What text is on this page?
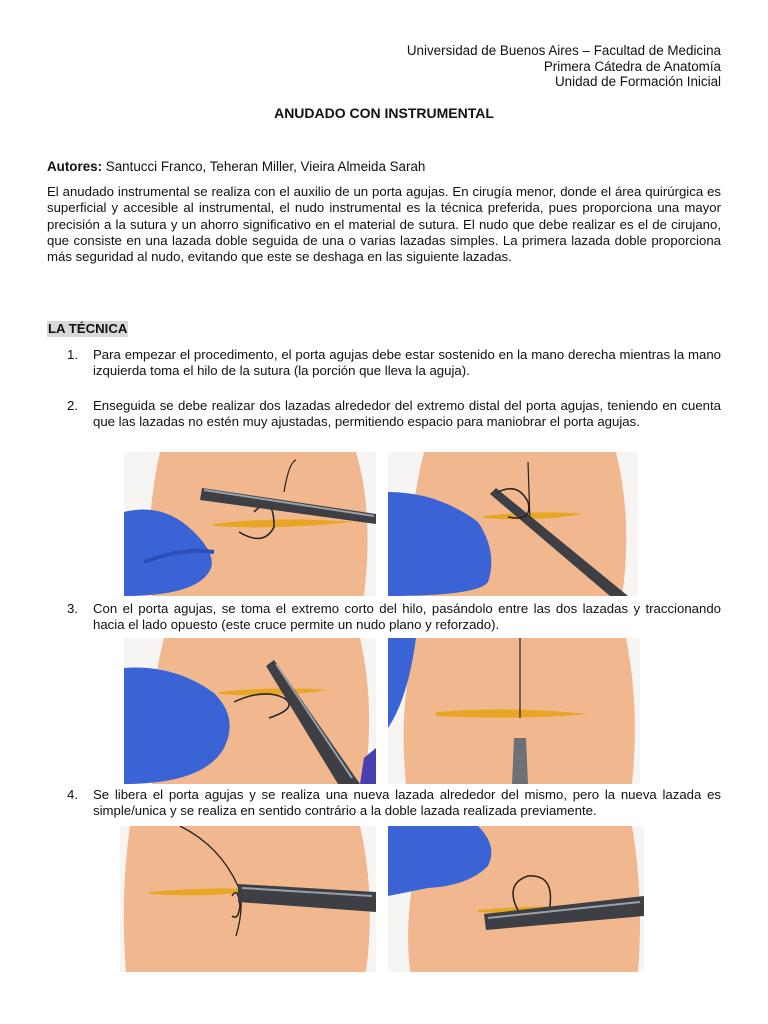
Universidad de Buenos Aires – Facultad de Medicina
Primera Cátedra de Anatomía
Unidad de Formación Inicial
ANUDADO CON INSTRUMENTAL
Autores: Santucci Franco, Teheran Miller, Vieira Almeida Sarah
El anudado instrumental se realiza con el auxilio de un porta agujas. En cirugía menor, donde el área quirúrgica es superficial y accesible al instrumental, el nudo instrumental es la técnica preferida, pues proporciona una mayor precisión a la sutura y un ahorro significativo en el material de sutura. El nudo que debe realizar es el de cirujano, que consiste en una lazada doble seguida de una o varias lazadas simples. La primera lazada doble proporciona más seguridad al nudo, evitando que este se deshaga en las siguiente lazadas.
LA TÉCNICA
1. Para empezar el procedimento, el porta agujas debe estar sostenido en la mano derecha mientras la mano izquierda toma el hilo de la sutura (la porción que lleva la aguja).
2. Enseguida se debe realizar dos lazadas alrededor del extremo distal del porta agujas, teniendo en cuenta que las lazadas no estén muy ajustadas, permitiendo espacio para maniobrar el porta agujas.
3. Con el porta agujas, se toma el extremo corto del hilo, pasándolo entre las dos lazadas y traccionando hacia el lado opuesto (este cruce permite un nudo plano y reforzado).
4. Se libera el porta agujas y se realiza una nueva lazada alrededor del mismo, pero la nueva lazada es simple/unica y se realiza en sentido contrário a la doble lazada realizada previamente.
